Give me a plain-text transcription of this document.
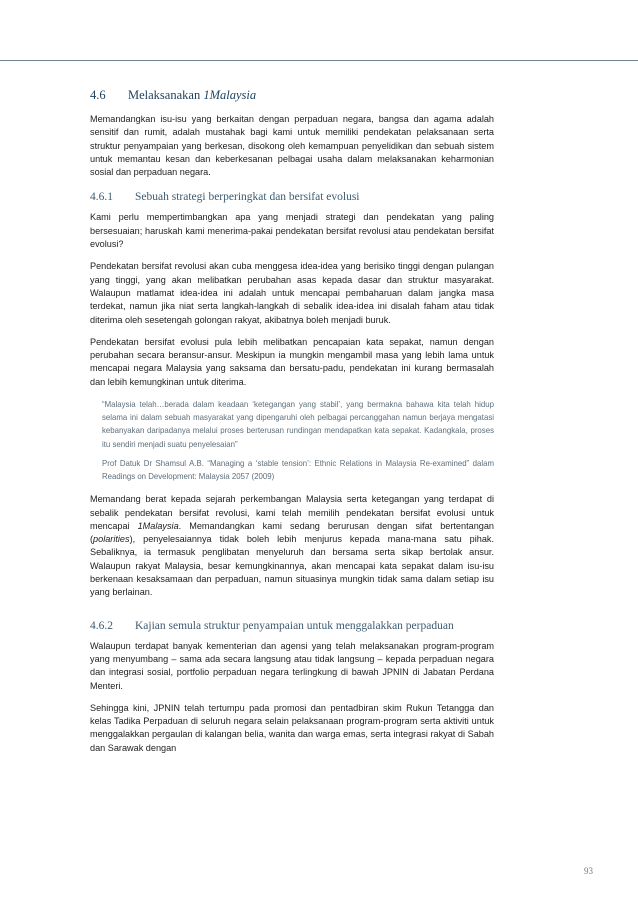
4.6 Melaksanakan 1Malaysia

Memandangkan isu-isu yang berkaitan dengan perpaduan negara, bangsa dan agama adalah sensitif dan rumit, adalah mustahak bagi kami untuk memiliki pendekatan pelaksanaan serta struktur penyampaian yang berkesan, disokong oleh kemampuan penyelidikan dan sebuah sistem untuk memantau kesan dan keberkesanan pelbagai usaha dalam melaksanakan keharmonian sosial dan perpaduan negara.

4.6.1 Sebuah strategi berperingkat dan bersifat evolusi

Kami perlu mempertimbangkan apa yang menjadi strategi dan pendekatan yang paling bersesuaian; haruskah kami menerima-pakai pendekatan bersifat revolusi atau pendekatan bersifat evolusi?

Pendekatan bersifat revolusi akan cuba menggesa idea-idea yang berisiko tinggi dengan pulangan yang tinggi, yang akan melibatkan perubahan asas kepada dasar dan struktur masyarakat. Walaupun matlamat idea-idea ini adalah untuk mencapai pembaharuan dalam jangka masa terdekat, namun jika niat serta langkah-langkah di sebalik idea-idea ini disalah faham atau tidak diterima oleh sesetengah golongan rakyat, akibatnya boleh menjadi buruk.

Pendekatan bersifat evolusi pula lebih melibatkan pencapaian kata sepakat, namun dengan perubahan secara beransur-ansur. Meskipun ia mungkin mengambil masa yang lebih lama untuk mencapai negara Malaysia yang saksama dan bersatu-padu, pendekatan ini kurang bermasalah dan lebih kemungkinan untuk diterima.

“Malaysia telah…berada dalam keadaan ‘ketegangan yang stabil’, yang bermakna bahawa kita telah hidup selama ini dalam sebuah masyarakat yang dipengaruhi oleh pelbagai percanggahan namun berjaya mengatasi kebanyakan daripadanya melalui proses berterusan rundingan mendapatkan kata sepakat. Kadangkala, proses itu sendiri menjadi suatu penyelesaian”

Prof Datuk Dr Shamsul A.B. “Managing a ‘stable tension’: Ethnic Relations in Malaysia Re-examined” dalam Readings on Development: Malaysia 2057 (2009)

Memandang berat kepada sejarah perkembangan Malaysia serta ketegangan yang terdapat di sebalik pendekatan bersifat revolusi, kami telah memilih pendekatan bersifat evolusi untuk mencapai 1Malaysia. Memandangkan kami sedang berurusan dengan sifat bertentangan (polarities), penyelesaiannya tidak boleh lebih menjurus kepada mana-mana satu pihak. Sebaliknya, ia termasuk penglibatan menyeluruh dan bersama serta sikap bertolak ansur. Walaupun rakyat Malaysia, besar kemungkinannya, akan mencapai kata sepakat dalam isu-isu berkenaan kesaksamaan dan perpaduan, namun situasinya mungkin tidak sama dalam setiap isu yang berlainan.

4.6.2 Kajian semula struktur penyampaian untuk menggalakkan perpaduan

Walaupun terdapat banyak kementerian dan agensi yang telah melaksanakan program-program yang menyumbang – sama ada secara langsung atau tidak langsung – kepada perpaduan negara dan integrasi sosial, portfolio perpaduan negara terlingkung di bawah JPNIN di Jabatan Perdana Menteri.

Sehingga kini, JPNIN telah tertumpu pada promosi dan pentadbiran skim Rukun Tetangga dan kelas Tadika Perpaduan di seluruh negara selain pelaksanaan program-program serta aktiviti untuk menggalakkan pergaulan di kalangan belia, wanita dan warga emas, serta integrasi rakyat di Sabah dan Sarawak dengan

93
